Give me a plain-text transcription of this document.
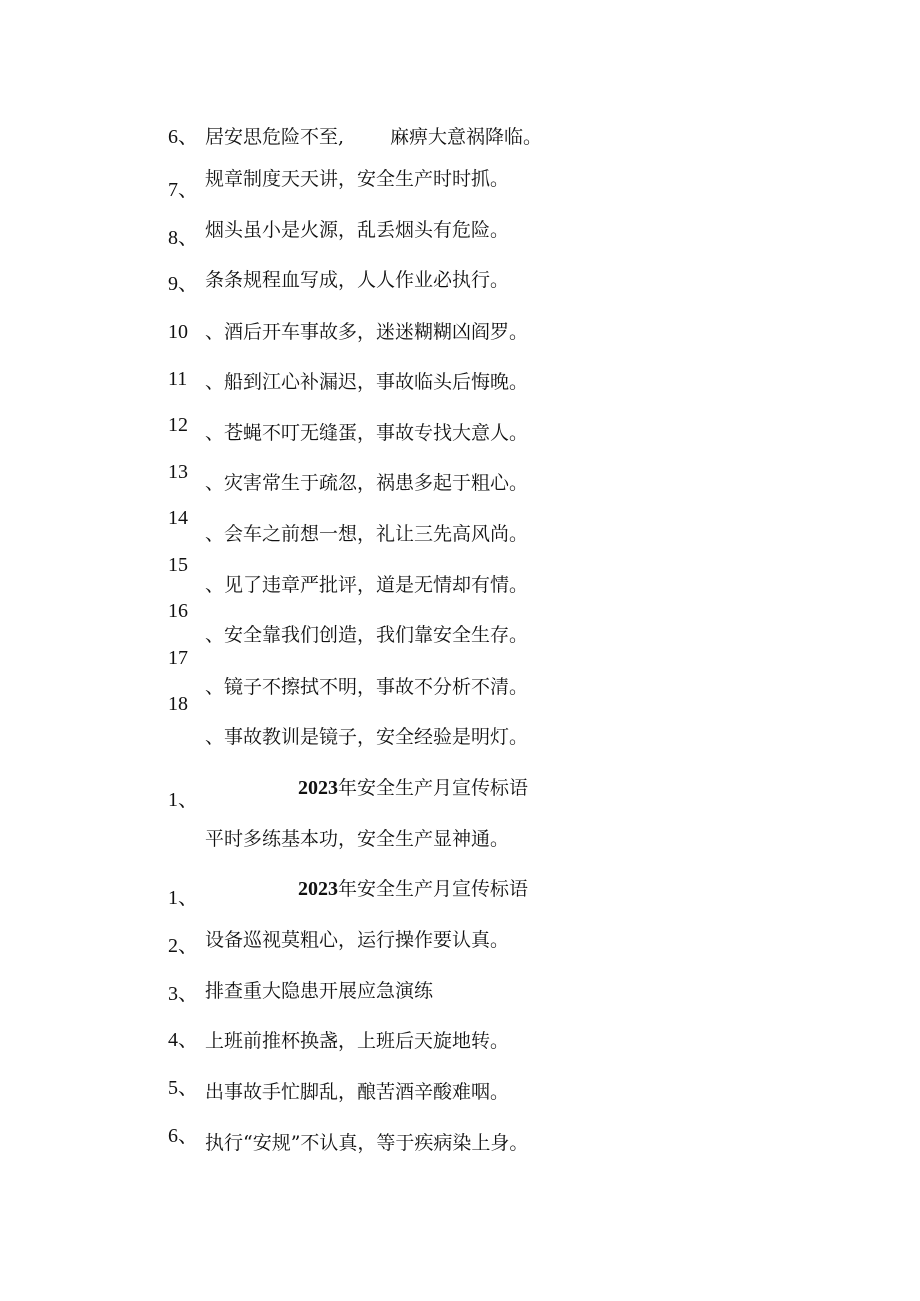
6、 居安思危险不至, 麻痹大意祸降临。
7、 规章制度天天讲，安全生产时时抓。
8、 烟头虽小是火源，乱丢烟头有危险。
9、 条条规程血写成，人人作业必执行。
10 、酒后开车事故多，迷迷糊糊凶阎罗。
11 、船到江心补漏迟，事故临头后悔晚。
12 、苍蝇不叮无缝蛋，事故专找大意人。
13 、灾害常生于疏忽，祸患多起于粗心。
14
、会车之前想一想，礼让三先高风尚。
15
、见了违章严批评，道是无情却有情。
16
、安全靠我们创造，我们靠安全生存。
17
、镜子不擦拭不明，事故不分析不清。
18
、事故教训是镜子，安全经验是明灯。
1、
2023年安全生产月宣传标语
平时多练基本功，安全生产显神通。
1、	2023年安全生产月宣传标语
2、 设备巡视莫粗心，运行操作要认真。
3、 排查重大隐患开展应急演练
4、 上班前推杯换盏，上班后天旋地转。
5、 出事故手忙脚乱，酿苦酒辛酸难咽。
6、 执行“安规”不认真，等于疾病染上身。
